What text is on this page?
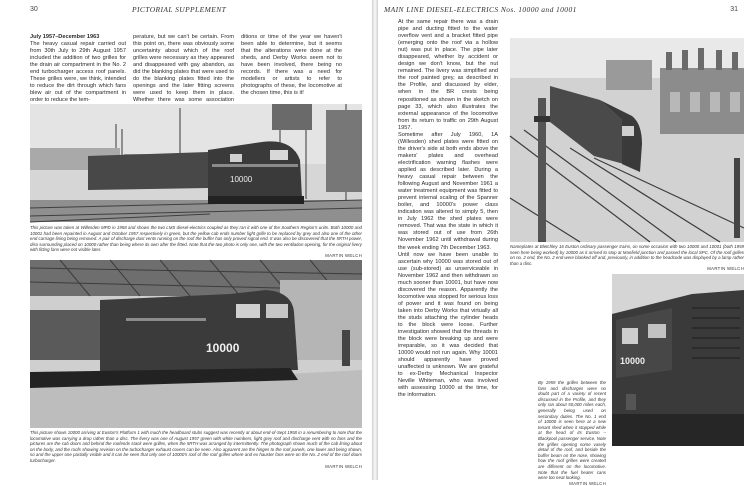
30	PICTORIAL SUPPLEMENT
July 1957–December 1963
The heavy casual repair carried out from 30th July to 29th August 1957 included the addition of two grilles for the drain air compartment in the No. 2 end turbocharger access roof panels. These grilles were, we think, intended to reduce the dirt through which fans blew air out of the compartment in order to reduce the tem-
perature, but we can't be certain. From this point on, there was obviously some uncertainty about which of the roof grilles were necessary as they appeared and disappeared with gay abandon, as did the blanking plates that were used to do the blanking plates fitted into the openings and the later fitting screens were used to keep them in place. Whether there was some association
ditions or time of the year we haven't been able to determine, but it seems that the alterations were done at the sheds, and Derby Works seem not to have been involved, there being no records. If there was a need for modellers or artists to refer to photographs of these, the locomotive at the chosen time, this is it!
10000
This picture was taken at Willesden MPD in 1958 and shows the two LMS diesel-electrics coupled as they ran it with one of the Southern Region's units. Both 10000 and 10001 had been repainted in August and October 1957 respectively in green, but the yellow cab ends number light grille to be replaced by grey and also one of the other end carriage lining being removed. A pair of discharge dust vents running on the roof the buffer has only proved signal end. It was also be discovered that the 5RTH power, diso surrounding placed on 10000 rather than being where its own after the fitted. Note that the two photo is only one, with the two ventilation opening, for the original livery with fitting fans were not visible later.
MARTIN WELCH
10000
This picture shows 10000 arriving at Euston's Platform 1 with much the headboard stubs suggest was recently at about end-of-Sept 1958 in a renumbering to note that the locomotive was carrying a drop rather than a disc. The livery was one of August 1957 green with white numbers, light grey roof and discharge vent with no fans and the pictures are the cab doors and behind the roofends stack were grilles, when the 5RTH was arranged by intermittently. The photograph shows much of the cab lining about on the body, and the roofs showing revision on the turbocharger exhaust covers can be seen. Also apparent are the hinges to the roof panels, one lower and being shown, so and the upper one partially visible and it can be seen that only one of 10000's roof of the roof grilles where and ex hauster fans were on the No. 2 end of the roof doors turbocharger.
MARTIN WELCH
MAIN LINE DIESEL-ELECTRICS Nos. 10000 and 10001	31
At the same repair there was a drain pipe and ducting fitted to the water overflow vent and a bracket fitted pipe (emerging onto the roof via a hollow nut) was put in place. The pipe later disappeared, whether by accident or design we don't know, but the nut remained. The livery was simplified and the roof painted grey, as described in the Profile, and discussed by elder, when in the BR crests being repositioned as shown in the sketch on page 33, which also illustrates the external appearance of the locomotive from its return to traffic on 29th August 1957.
Sometime after July 1960, 1A (Willesden) shed plates were fitted on the driver's side at both ends above the makers' plates and overhead electrification warning flashes were applied as described later. During a heavy casual repair between the following August and November 1961 a water treatment equipment was fitted to prevent internal scaling of the Spanner boiler, and 10000's power class indication was altered to simply 5, then in July 1962 the shed plates were removed. That was the state in which it was stored out of use from 26th November 1962 until withdrawal during the week ending 7th December 1963.
Until now we have been unable to ascertain why 10000 was stored out of use (sub-stored) as unserviceable in November 1962 and then withdrawn so much sooner than 10001, but have now discovered the reason. Apparently the locomotive was stopped for serious loss of power and it was found on being taken into Derby Works that virtually all the studs attaching the cylinder heads to the block were loose. Further investigation showed that the threads in the block were breaking up and were irreparable, so it was decided that 10000 would not run again. Why 10001 should apparently have proved unaffected is unknown. We are grateful to ex-Derby Mechanical Inspector Neville Whiteman, who was involved with assessing 10000 at the time, for the information.
Nameplates at Bletchley 16 Euston ordinary passenger trains, on some occasion with two 10000 and 10001 (both 1959 seen here being worked) by 10000 as it arrived to stop at Manfield junction and passed the local SPC. Of the roof grilles on no. 2 end, the No. 2 end were blanked off and, previously, in addition to the headcode was displayed by a lamp rather than a disc.
MARTIN WELCH
10000
By 1959 the grilles between the fans and discharges were no doubt part of a variety of recent discussed in the Profile, and they only ran about 50,000 miles each, generally being used on secondary duties. The No. 1 end of 10000 is seen here at a new tenant shed when it stopped while at the head of its Euston – Blackpool passenger service. Note the grilles opening some vasely detail of the roof, and beside the buffer beam on the nose, showing how the roof grilles were created are different on the locomotive. Note that the fuel heater cans were too neat looking.
MARTIN WELCH
